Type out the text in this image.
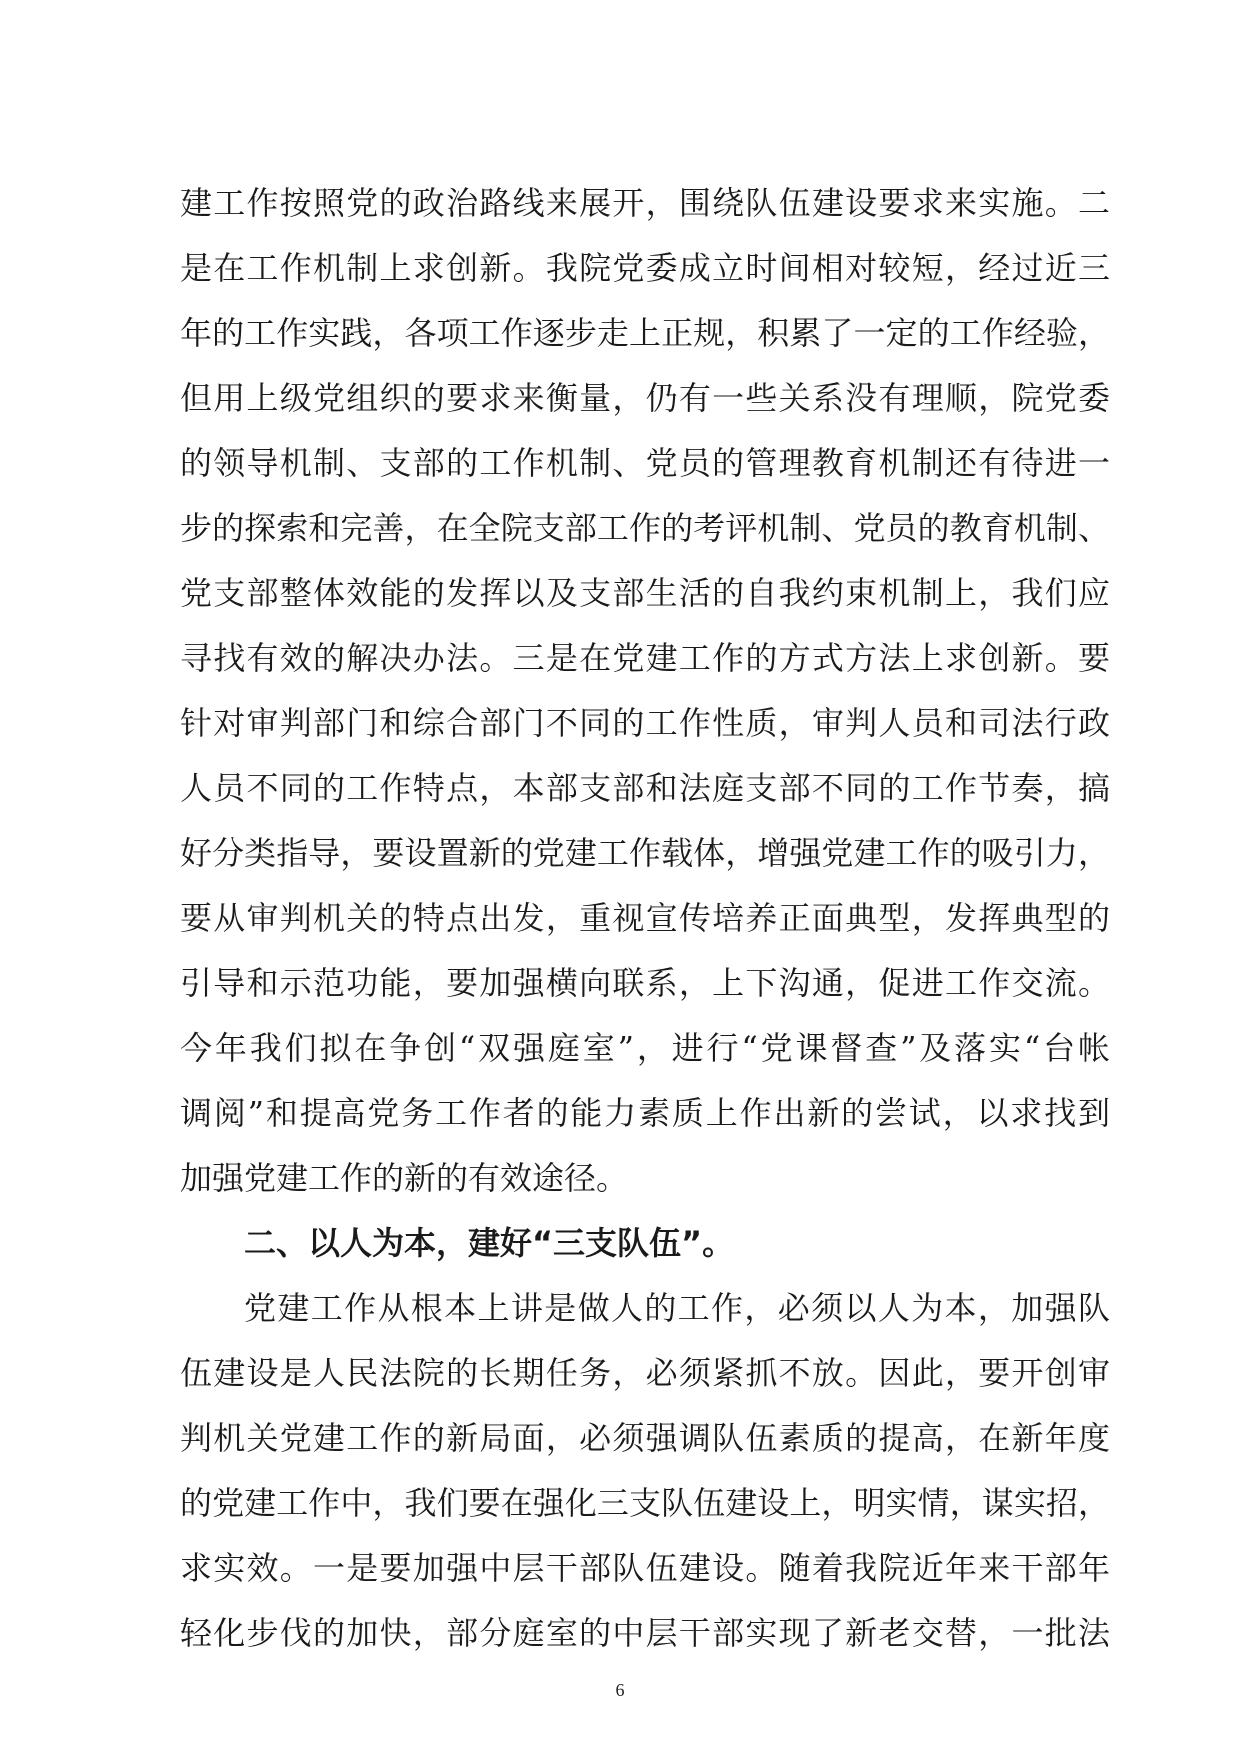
建工作按照党的政治路线来展开，围绕队伍建设要求来实施。二
是在工作机制上求创新。我院党委成立时间相对较短，经过近三
年的工作实践，各项工作逐步走上正规，积累了一定的工作经验，
但用上级党组织的要求来衡量，仍有一些关系没有理顺，院党委
的领导机制、支部的工作机制、党员的管理教育机制还有待进一
步的探索和完善，在全院支部工作的考评机制、党员的教育机制、
党支部整体效能的发挥以及支部生活的自我约束机制上，我们应
寻找有效的解决办法。三是在党建工作的方式方法上求创新。要
针对审判部门和综合部门不同的工作性质，审判人员和司法行政
人员不同的工作特点，本部支部和法庭支部不同的工作节奏，搞
好分类指导，要设置新的党建工作载体，增强党建工作的吸引力，
要从审判机关的特点出发，重视宣传培养正面典型，发挥典型的
引导和示范功能，要加强横向联系，上下沟通，促进工作交流。
今年我们拟在争创“双强庭室”，进行“党课督查”及落实“台帐
调阅”和提高党务工作者的能力素质上作出新的尝试，以求找到
加强党建工作的新的有效途径。
二、以人为本，建好“三支队伍”。
党建工作从根本上讲是做人的工作，必须以人为本，加强队
伍建设是人民法院的长期任务，必须紧抓不放。因此，要开创审
判机关党建工作的新局面，必须强调队伍素质的提高，在新年度
的党建工作中，我们要在强化三支队伍建设上，明实情，谋实招，
求实效。一是要加强中层干部队伍建设。随着我院近年来干部年
轻化步伐的加快，部分庭室的中层干部实现了新老交替，一批法
6
